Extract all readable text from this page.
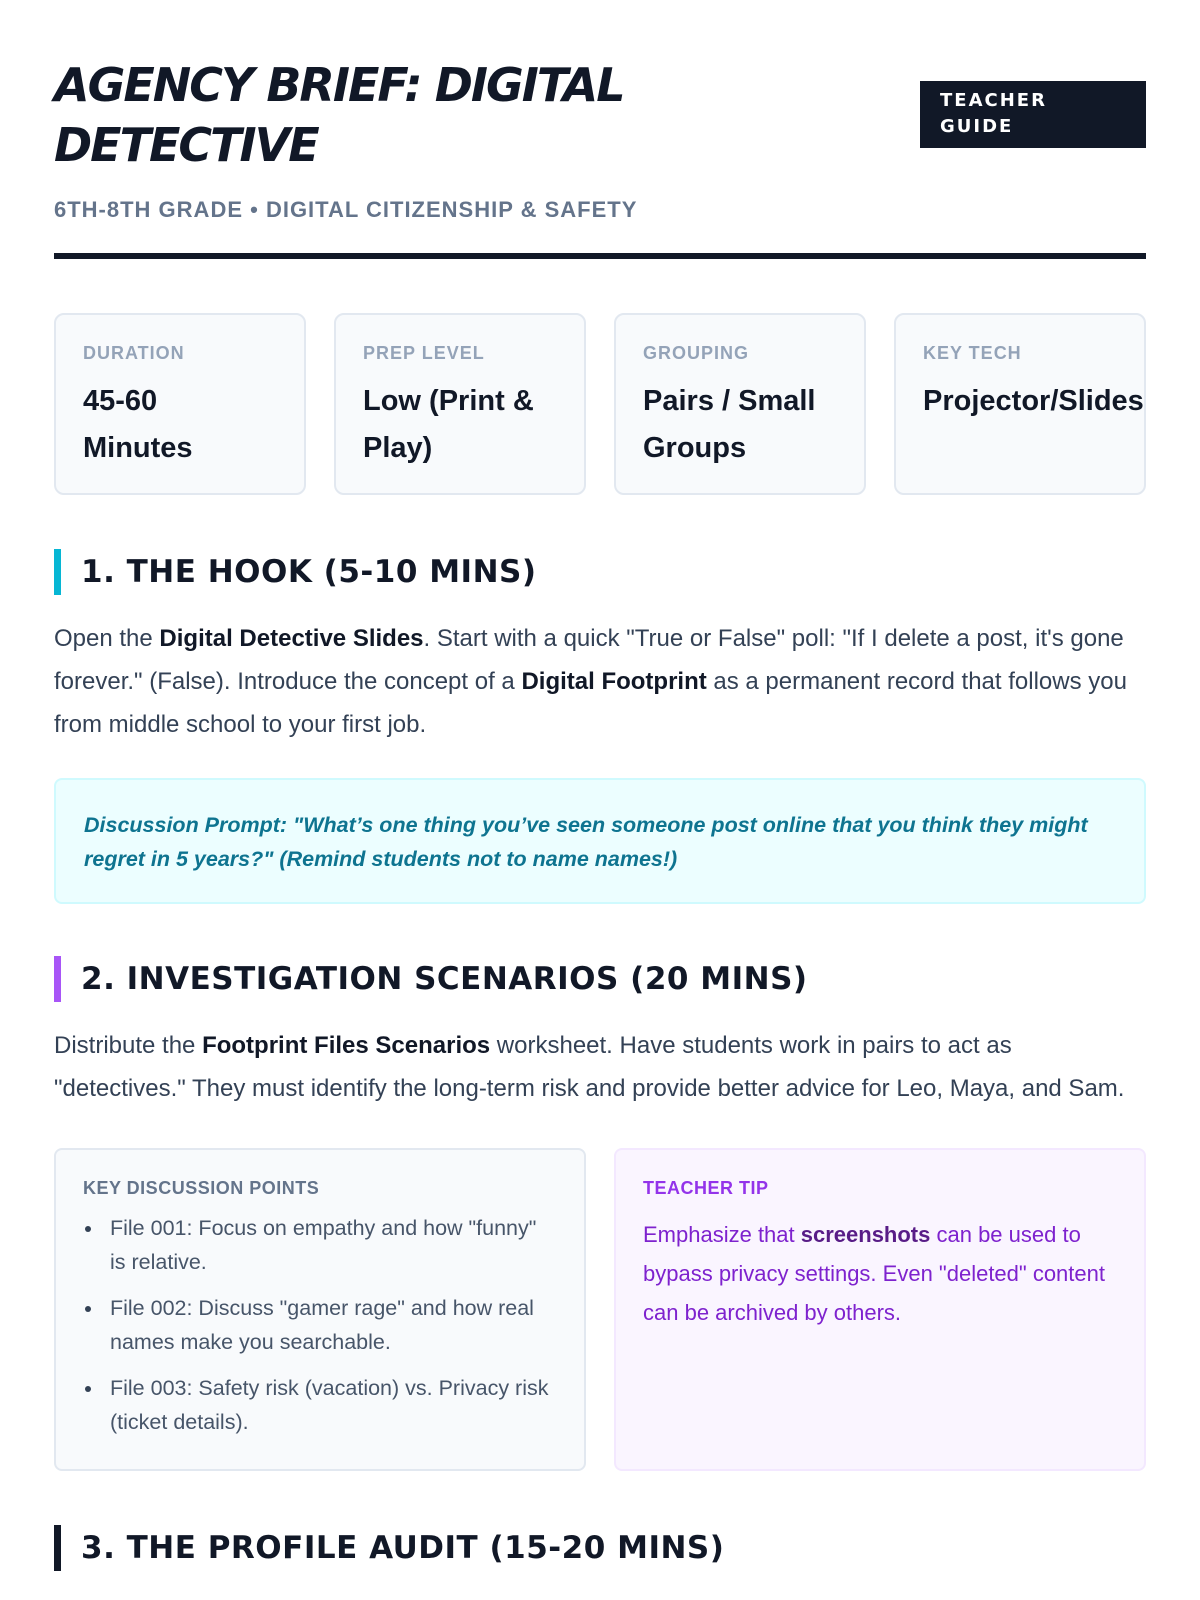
AGENCY BRIEF: DIGITAL DETECTIVE
TEACHER GUIDE
6TH-8TH GRADE • DIGITAL CITIZENSHIP & SAFETY
DURATION
45-60
Minutes
PREP LEVEL
Low (Print &
Play)
GROUPING
Pairs / Small
Groups
KEY TECH
Projector/Slides
1. THE HOOK (5-10 MINS)

Open the Digital Detective Slides. Start with a quick "True or False" poll: "If I delete a post, it's gone forever." (False). Introduce the concept of a Digital Footprint as a permanent record that follows you from middle school to your first job.

Discussion Prompt: "What’s one thing you’ve seen someone post online that you think they might regret in 5 years?" (Remind students not to name names!)
2. INVESTIGATION SCENARIOS (20 MINS)

Distribute the Footprint Files Scenarios worksheet. Have students work in pairs to act as "detectives." They must identify the long-term risk and provide better advice for Leo, Maya, and Sam.

KEY DISCUSSION POINTS
File 001: Focus on empathy and how "funny" is relative.
File 002: Discuss "gamer rage" and how real names make you searchable.
File 003: Safety risk (vacation) vs. Privacy risk (ticket details).
TEACHER TIP

Emphasize that screenshots can be used to bypass privacy settings. Even "deleted" content can be archived by others.

3. THE PROFILE AUDIT (15-20 MINS)
